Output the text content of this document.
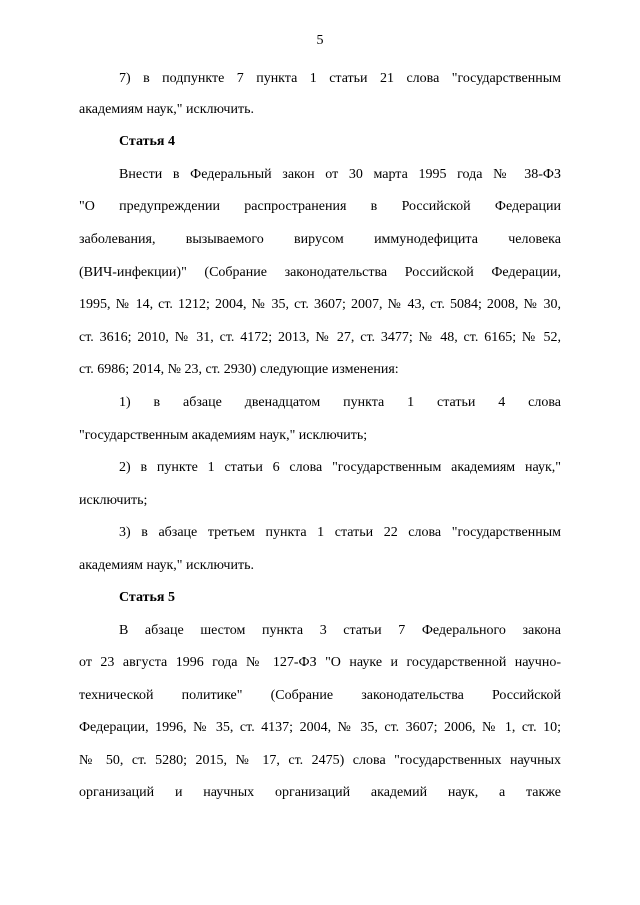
5
7) в подпункте 7 пункта 1 статьи 21 слова "государственным
академиям наук," исключить.
Статья 4
Внести в Федеральный закон от 30 марта 1995 года № 38-ФЗ
"О предупреждении распространения в Российской Федерации
заболевания, вызываемого вирусом иммунодефицита человека
(ВИЧ-инфекции)" (Собрание законодательства Российской Федерации,
1995, № 14, ст. 1212; 2004, № 35, ст. 3607; 2007, № 43, ст. 5084; 2008, № 30,
ст. 3616; 2010, № 31, ст. 4172; 2013, № 27, ст. 3477; № 48, ст. 6165; № 52,
ст. 6986; 2014, № 23, ст. 2930) следующие изменения:
1) в абзаце двенадцатом пункта 1 статьи 4 слова
"государственным академиям наук," исключить;
2) в пункте 1 статьи 6 слова "государственным академиям наук,"
исключить;
3) в абзаце третьем пункта 1 статьи 22 слова "государственным
академиям наук," исключить.
Статья 5
В абзаце шестом пункта 3 статьи 7 Федерального закона
от 23 августа 1996 года № 127-ФЗ "О науке и государственной научно-
технической политике" (Собрание законодательства Российской
Федерации, 1996, № 35, ст. 4137; 2004, № 35, ст. 3607; 2006, № 1, ст. 10;
№ 50, ст. 5280; 2015, № 17, ст. 2475) слова "государственных научных
организаций и научных организаций академий наук, а также
